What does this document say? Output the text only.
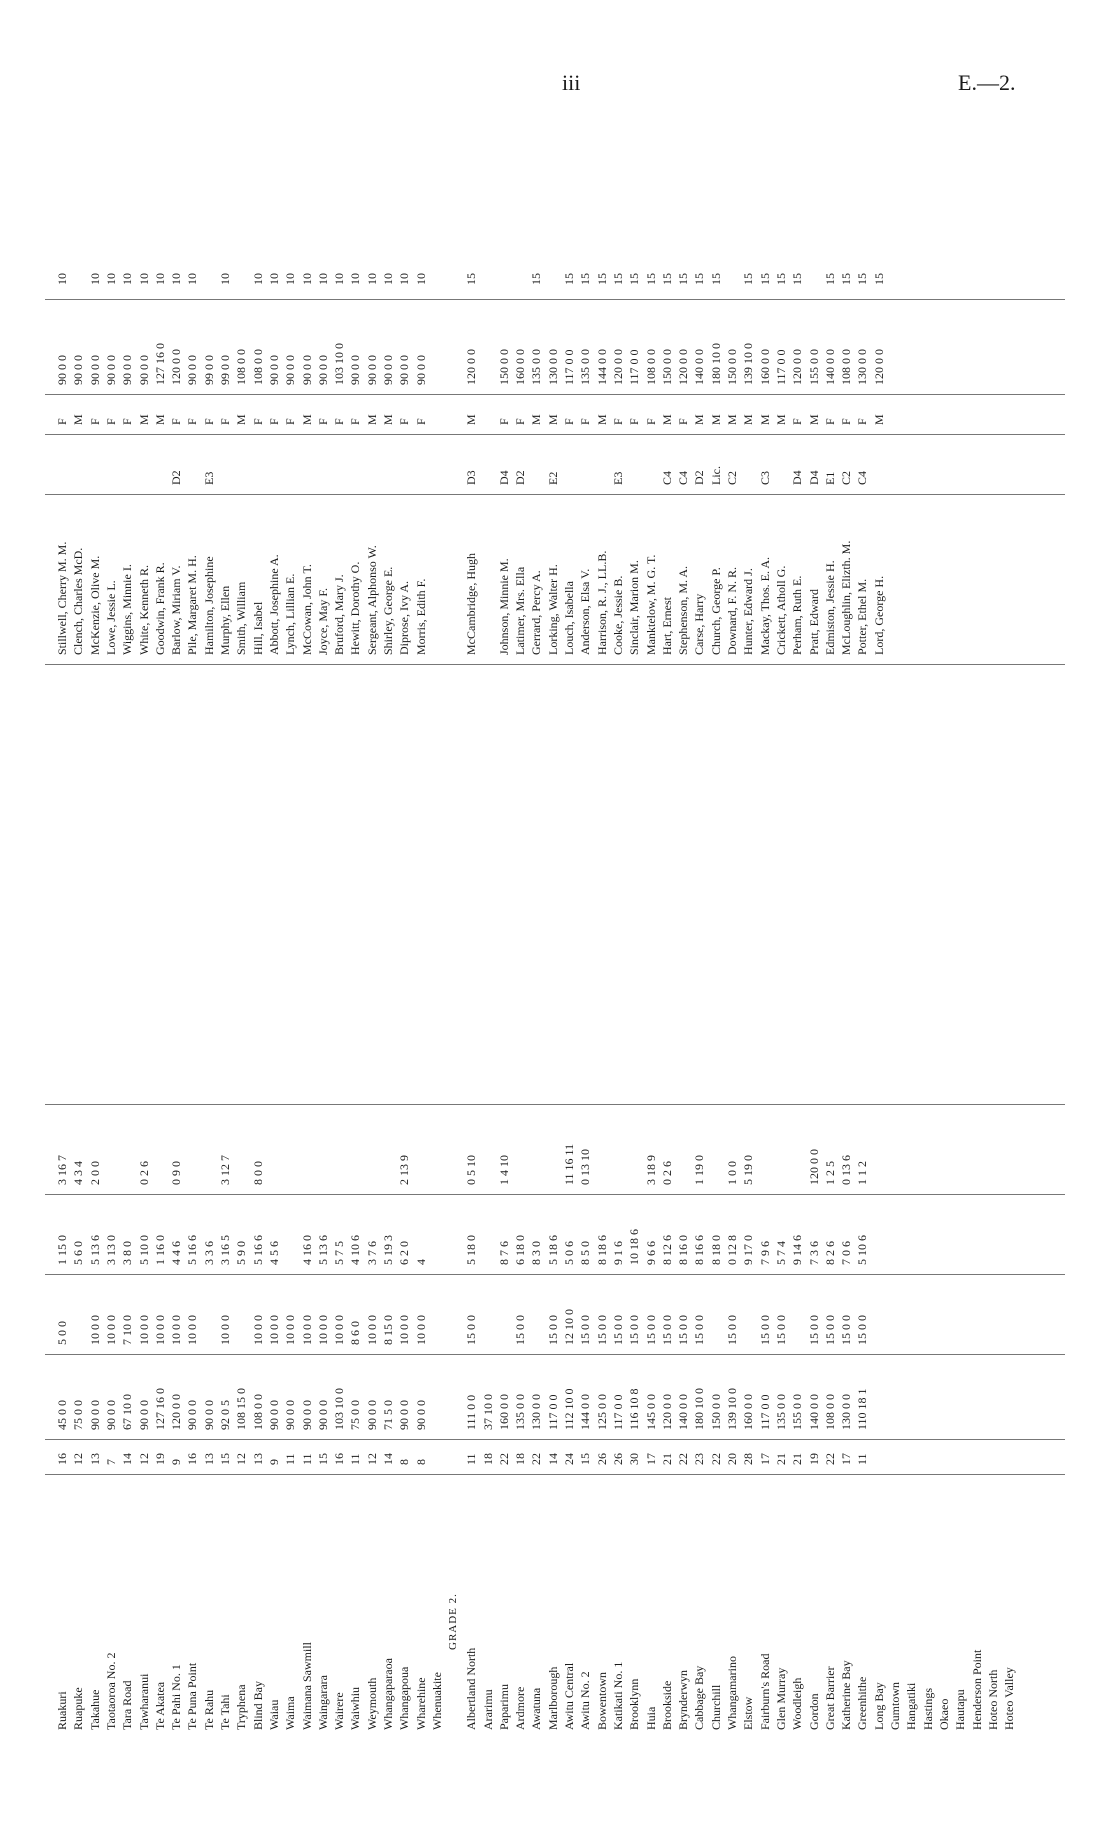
iii	E.—2.
Ruakuri
16
45 0 0
5 0 0
1 15 0
3 16 7
Stillwell, Cherry M. M.
F
90 0 0
10
Ruapuke
12
75 0 0
5 6 0
4 3 4
Clench, Charles McD.
M
90 0 0
Takahue
13
90 0 0
10 0 0
5 13 6
2 0 0
McKenzie, Olive M.
F
90 0 0
10
Taotaoroa No. 2
7
90 0 0
10 0 0
3 13 0
Lowe, Jessie L.
F
90 0 0
10
Tara Road
14
67 10 0
7 10 0
3 8 0
Wiggins, Minnie I.
F
90 0 0
10
Tawharanui
12
90 0 0
10 0 0
5 10 0
0 2 6
White, Kenneth R.
M
90 0 0
10
Te Akatea
19
127 16 0
10 0 0
1 16 0
Goodwin, Frank R.
M
127 16 0
10
Te Pahi No. 1
9
120 0 0
10 0 0
4 4 6
0 9 0
Barlow, Miriam V.
D2
F
120 0 0
10
Te Puna Point
16
90 0 0
10 0 0
5 16 6
Pile, Margaret M. H.
F
90 0 0
10
Te Rahu
13
90 0 0
3 3 6
Hamilton, Josephine
E3
F
99 0 0
Te Tahi
15
92 0 5
10 0 0
3 16 5
3 12 7
Murphy, Ellen
F
99 0 0
10
Tryphena
12
108 15 0
5 9 0
Smith, William
M
108 0 0
Blind Bay
13
108 0 0
10 0 0
5 16 6
8 0 0
Hill, Isabel
F
108 0 0
10
Waiau
9
90 0 0
10 0 0
4 5 6
Abbott, Josephine A.
F
90 0 0
10
Waima
11
90 0 0
10 0 0
Lynch, Lillian E.
F
90 0 0
10
Waimana Sawmill
11
90 0 0
10 0 0
4 16 0
McCowan, John T.
M
90 0 0
10
Waingarara
15
90 0 0
10 0 0
5 13 6
Joyce, May F.
F
90 0 0
10
Wairere
16
103 10 0
10 0 0
5 7 5
Bruford, Mary J.
F
103 10 0
10
Waiwhiu
11
75 0 0
8 6 0
4 10 6
Hewitt, Dorothy O.
F
90 0 0
10
Weymouth
12
90 0 0
10 0 0
3 7 6
Sergeant, Alphonso W.
M
90 0 0
10
Whangaparaoa
14
71 5 0
8 15 0
5 19 3
Shirley, George E.
M
90 0 0
10
Whangapoua
8
90 0 0
10 0 0
6 2 0
2 13 9
Diprose, Ivy A.
F
90 0 0
10
Wharehine
8
90 0 0
10 0 0
4
Morris, Edith F.
F
90 0 0
10
Whenuakite
GRADE 2.
Albertland North
11
111 0 0
15 0 0
5 18 0
0 5 10
McCambridge, Hugh
D3
M
120 0 0
15
Ararimu
18
37 10 0
Paparimu
22
160 0 0
8 7 6
1 4 10
Johnson, Minnie M.
D4
F
150 0 0
Ardmore
18
135 0 0
15 0 0
6 18 0
Latimer, Mrs. Ella
D2
F
160 0 0
Awatuna
22
130 0 0
8 3 0
Gerrard, Percy A.
M
135 0 0
15
Marlborough
14
117 0 0
15 0 0
5 18 6
Lorking, Walter H.
E2
M
130 0 0
Awitu Central
24
112 10 0
12 10 0
5 0 6
11 16 11
Louch, Isabella
F
117 0 0
15
Awitu No. 2
15
144 0 0
15 0 0
8 5 0
0 13 10
Anderson, Elsa V.
F
135 0 0
15
Bowentown
26
125 0 0
15 0 0
8 18 6
Harrison, R. J., LL.B.
M
144 0 0
15
Katikati No. 1
26
117 0 0
15 0 0
9 1 6
Cooke, Jessie B.
E3
F
120 0 0
15
Brooklynn
30
116 10 8
15 0 0
10 18 6
Sinclair, Marion M.
F
117 0 0
15
Huia
17
145 0 0
15 0 0
9 6 6
3 18 9
Manktelow, M. G. T.
F
108 0 0
15
Brookside
21
120 0 0
15 0 0
8 12 6
0 2 6
Hart, Ernest
C4
M
150 0 0
15
Brynderwyn
22
140 0 0
15 0 0
8 16 0
Stephenson, M. A.
C4
F
120 0 0
15
Cabbage Bay
23
180 10 0
15 0 0
8 16 6
1 19 0
Carse, Harry
D2
M
140 0 0
15
Churchill
22
150 0 0
8 18 0
Church, George P.
Lic.
M
180 10 0
15
Whangamarino
20
139 10 0
15 0 0
0 12 8
1 0 0
Downard, F. N. R.
C2
M
150 0 0
Elstow
28
160 0 0
9 17 0
5 19 0
Hunter, Edward J.
M
139 10 0
15
Fairburn's Road
17
117 0 0
15 0 0
7 9 6
Mackay, Thos. E. A.
C3
M
160 0 0
15
Glen Murray
21
135 0 0
15 0 0
5 7 4
Crickett, Atholl G.
M
117 0 0
15
Woodleigh
21
155 0 0
9 14 6
Perham, Ruth E.
D4
F
120 0 0
15
Gordon
19
140 0 0
15 0 0
7 3 6
120 0 0
Pratt, Edward
D4
M
155 0 0
Great Barrier
22
108 0 0
15 0 0
8 2 6
1 2 5
Edmiston, Jessie H.
E1
F
140 0 0
15
Katherine Bay
17
130 0 0
15 0 0
7 0 6
0 13 6
McLoughlin, Elizth. M.
C2
F
108 0 0
15
Greenhithe
11
110 18 1
15 0 0
5 10 6
1 1 2
Potter, Ethel M.
C4
F
130 0 0
15
Long Bay
Lord, George H.
M
120 0 0
15
Gumtown Hangatiki Hastings Okaeo Hautapu Henderson Point Hoteo North Hoteo Valley
